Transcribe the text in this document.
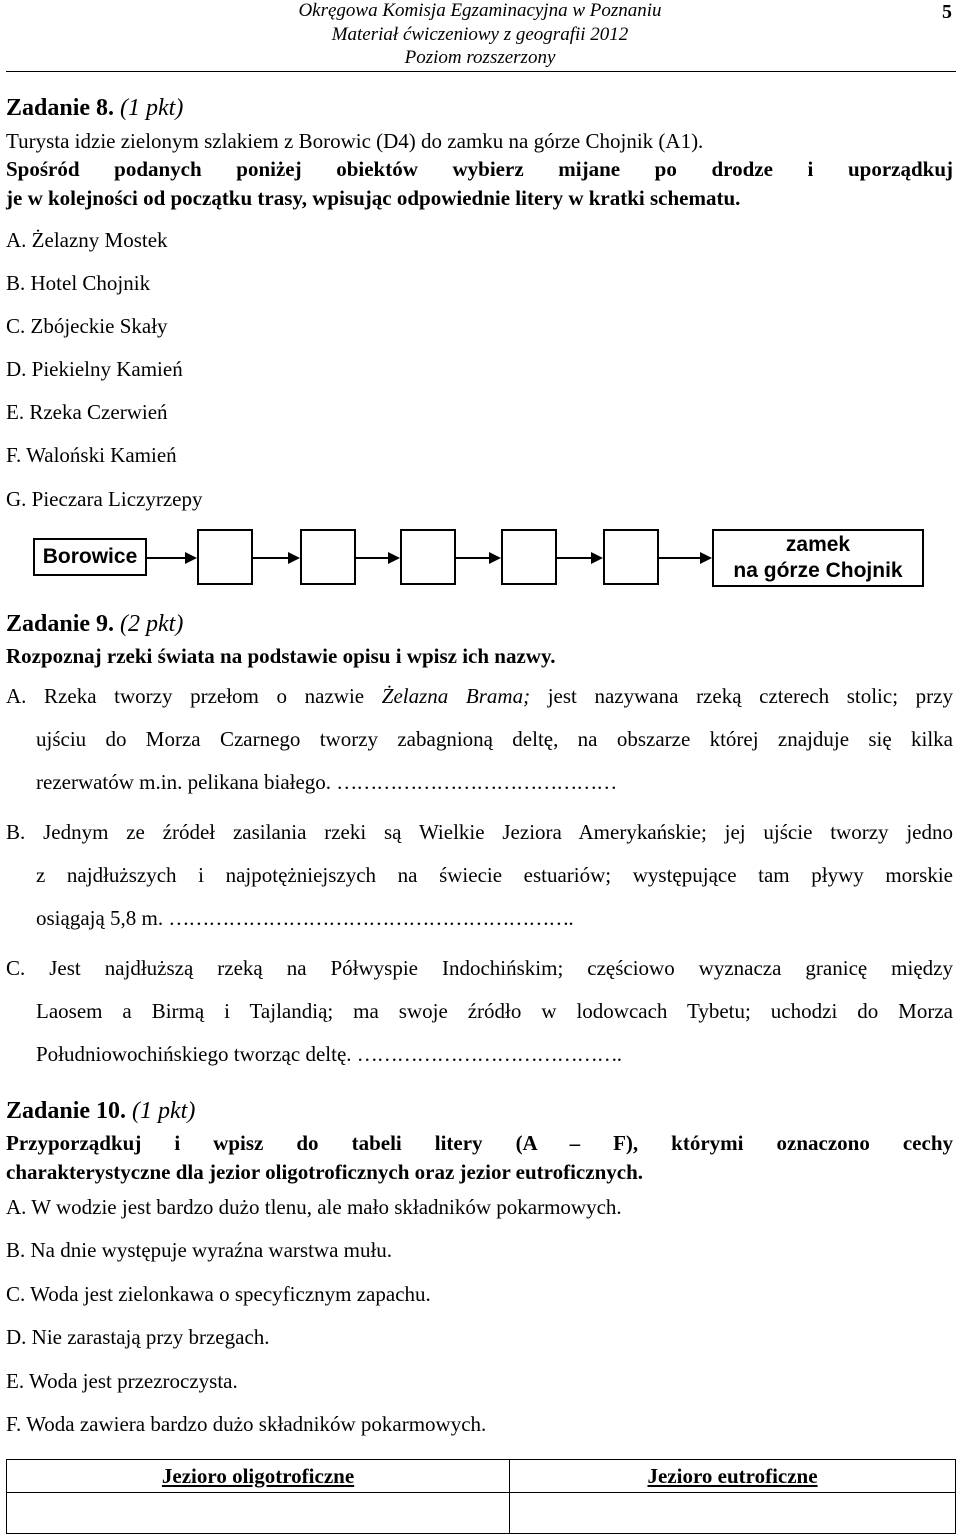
Okręgowa Komisja Egzaminacyjna w Poznaniu
Materiał ćwiczeniowy z geografii 2012
Poziom rozszerzony
5
Zadanie 8. (1 pkt)
Turysta idzie zielonym szlakiem z Borowic (D4) do zamku na górze Chojnik (A1).
Spośród podanych poniżej obiektów wybierz mijane po drodze i uporządkuj
je w kolejności od początku trasy, wpisując odpowiednie litery w kratki schematu.
A. Żelazny Mostek
B. Hotel Chojnik
C. Zbójeckie Skały
D. Piekielny Kamień
E. Rzeka Czerwień
F. Waloński Kamień
G. Pieczara Liczyrzepy
Borowice
zamek
na górze Chojnik
Zadanie 9. (2 pkt)
Rozpoznaj rzeki świata na podstawie opisu i wpisz ich nazwy.
A. Rzeka tworzy przełom o nazwie Żelazna Brama; jest nazywana rzeką czterech stolic; przy
ujściu do Morza Czarnego tworzy zabagnioną deltę, na obszarze której znajduje się kilka
rezerwatów m.in. pelikana białego. ……………………………………
B. Jednym ze źródeł zasilania rzeki są Wielkie Jeziora Amerykańskie; jej ujście tworzy jedno
z najdłuższych i najpotężniejszych na świecie estuariów; występujące tam pływy morskie
osiągają 5,8 m. …………………………………………………….
C. Jest najdłuższą rzeką na Półwyspie Indochińskim; częściowo wyznacza granicę między
Laosem a Birmą i Tajlandią; ma swoje źródło w lodowcach Tybetu; uchodzi do Morza
Południowochińskiego tworząc deltę. ………………………………….
Zadanie 10. (1 pkt)
Przyporządkuj i wpisz do tabeli litery (A – F), którymi oznaczono cechy
charakterystyczne dla jezior oligotroficznych oraz jezior eutroficznych.
A. W wodzie jest bardzo dużo tlenu, ale mało składników pokarmowych.
B. Na dnie występuje wyraźna warstwa mułu.
C. Woda jest zielonkawa o specyficznym zapachu.
D. Nie zarastają przy brzegach.
E. Woda jest przezroczysta.
F. Woda zawiera bardzo dużo składników pokarmowych.
Jezioro oligotroficzne	Jezioro eutroficzne
